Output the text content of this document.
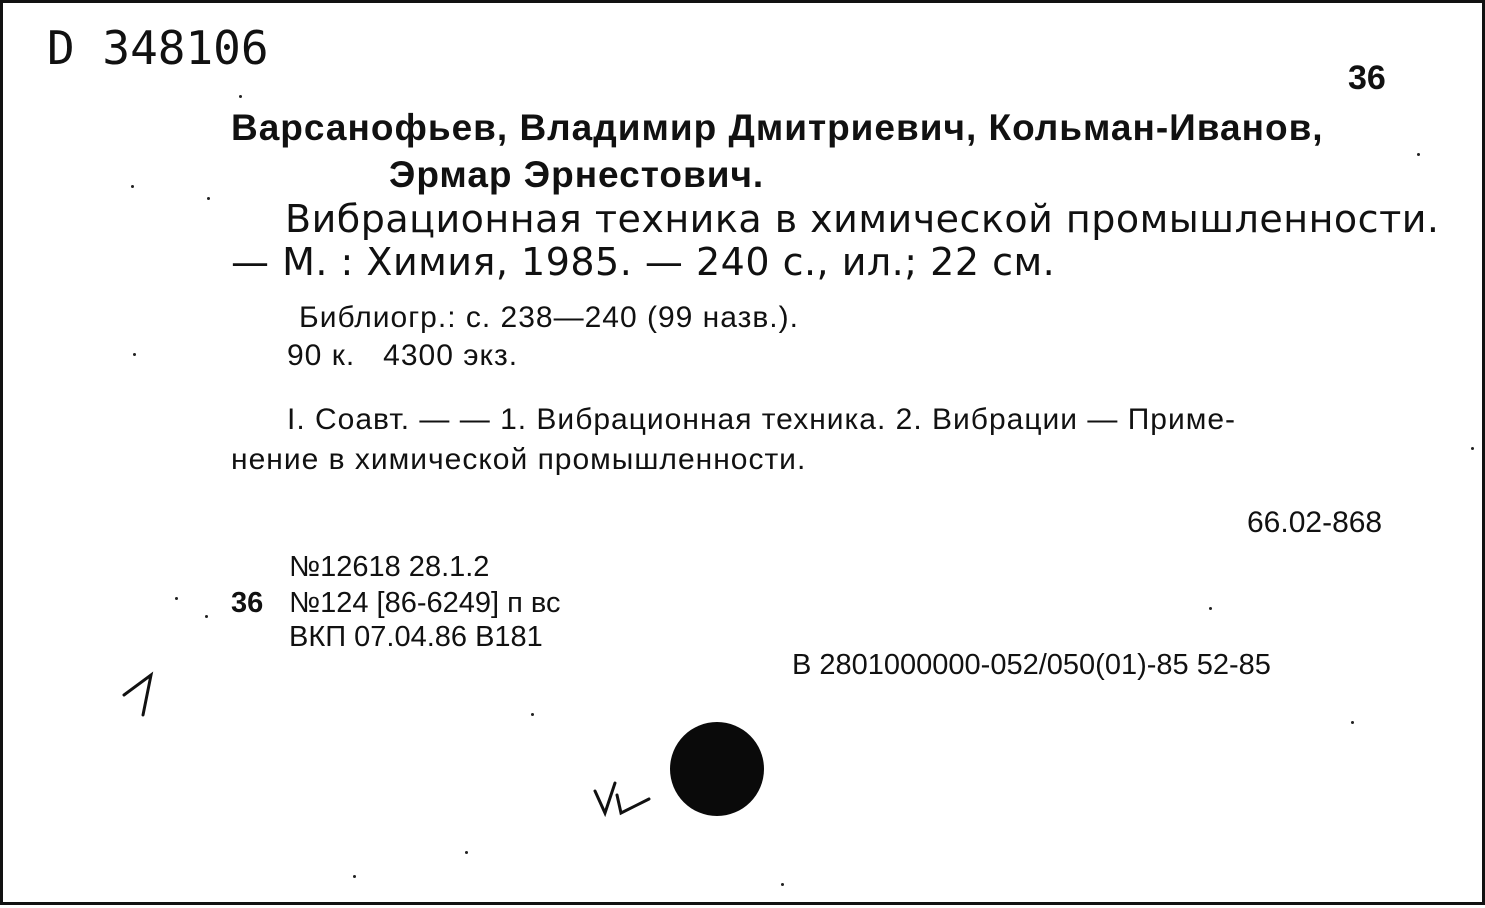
D 348106
36
Варсанофьев, Владимир Дмитриевич, Кольман-Иванов,
Эрмар Эрнестович.
Вибрационная техника в химической промышленности.
— М. : Химия, 1985. — 240 с., ил.; 22 см.
Библиогр.: с. 238—240 (99 назв.).
90 к.   4300 экз.
I. Соавт. — — 1. Вибрационная техника. 2. Вибрации — Приме-
нение в химической промышленности.
66.02-868
№12618 28.1.2
36 №124 [86-6249] п вс
ВКП 07.04.86 В181
В 2801000000-052/050(01)-85 52-85
